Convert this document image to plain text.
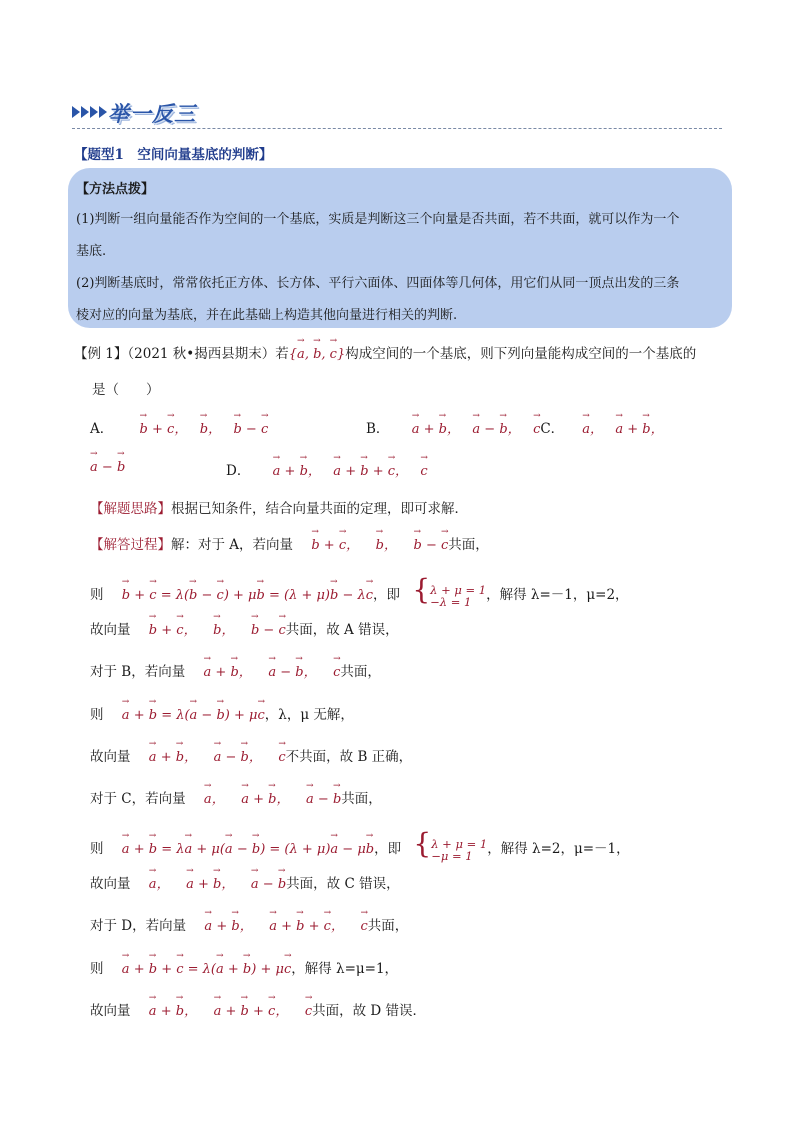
举一反三
【题型1　空间向量基底的判断】
【方法点拨】
(1)判断一组向量能否作为空间的一个基底，实质是判断这三个向量是否共面，若不共面，就可以作为一个
基底.
(2)判断基底时，常常依托正方体、长方体、平行六面体、四面体等几何体，用它们从同一顶点出发的三条
棱对应的向量为基底，并在此基础上构造其他向量进行相关的判断.
【例 1】（2021 秋•揭西县期末）若{→ a, → b, → c}构成空间的一个基底，则下列向量能构成空间的一个基底的
是（　　）
A． → b + → c，   → b，   → b − → c	B． → a + → b，   → a − → b，   → cC． → a，   → a + → b，
→ a − → b	D． → a + → b，   → a + → b + → c，   → c
【解题思路】根据已知条件，结合向量共面的定理，即可求解．
【解答过程】解：对于 A，若向量 → b + → c，    → b，    → b − → c共面，
则 → b + → c = λ(→ b − → c) + μ→ b = (λ + μ)→ b − λ→ c，即 {λ + μ = 1
−λ = 1 ，解得 λ=－1，μ=2，
故向量 → b + → c，    → b，    → b − → c共面，故 A 错误，
对于 B，若向量 → a + → b，    → a − → b，    → c共面，
则 → a + → b = λ(→ a − → b) + μ→ c，λ，μ 无解，
故向量 → a + → b，    → a − → b，    → c不共面，故 B 正确，
对于 C，若向量 → a，    → a + → b，    → a − → b共面，
则 → a + → b = λ→ a + μ(→ a − → b) = (λ + μ)→ a − μ→ b，即 {λ + μ = 1
−μ = 1 ，解得 λ=2，μ=－1，
故向量 → a，    → a + → b，    → a − → b共面，故 C 错误，
对于 D，若向量 → a + → b，    → a + → b + → c，    → c共面，
则 → a + → b + → c = λ(→ a + → b) + μ→ c，解得 λ=μ=1，
故向量 → a + → b，    → a + → b + → c，    → c共面，故 D 错误．
